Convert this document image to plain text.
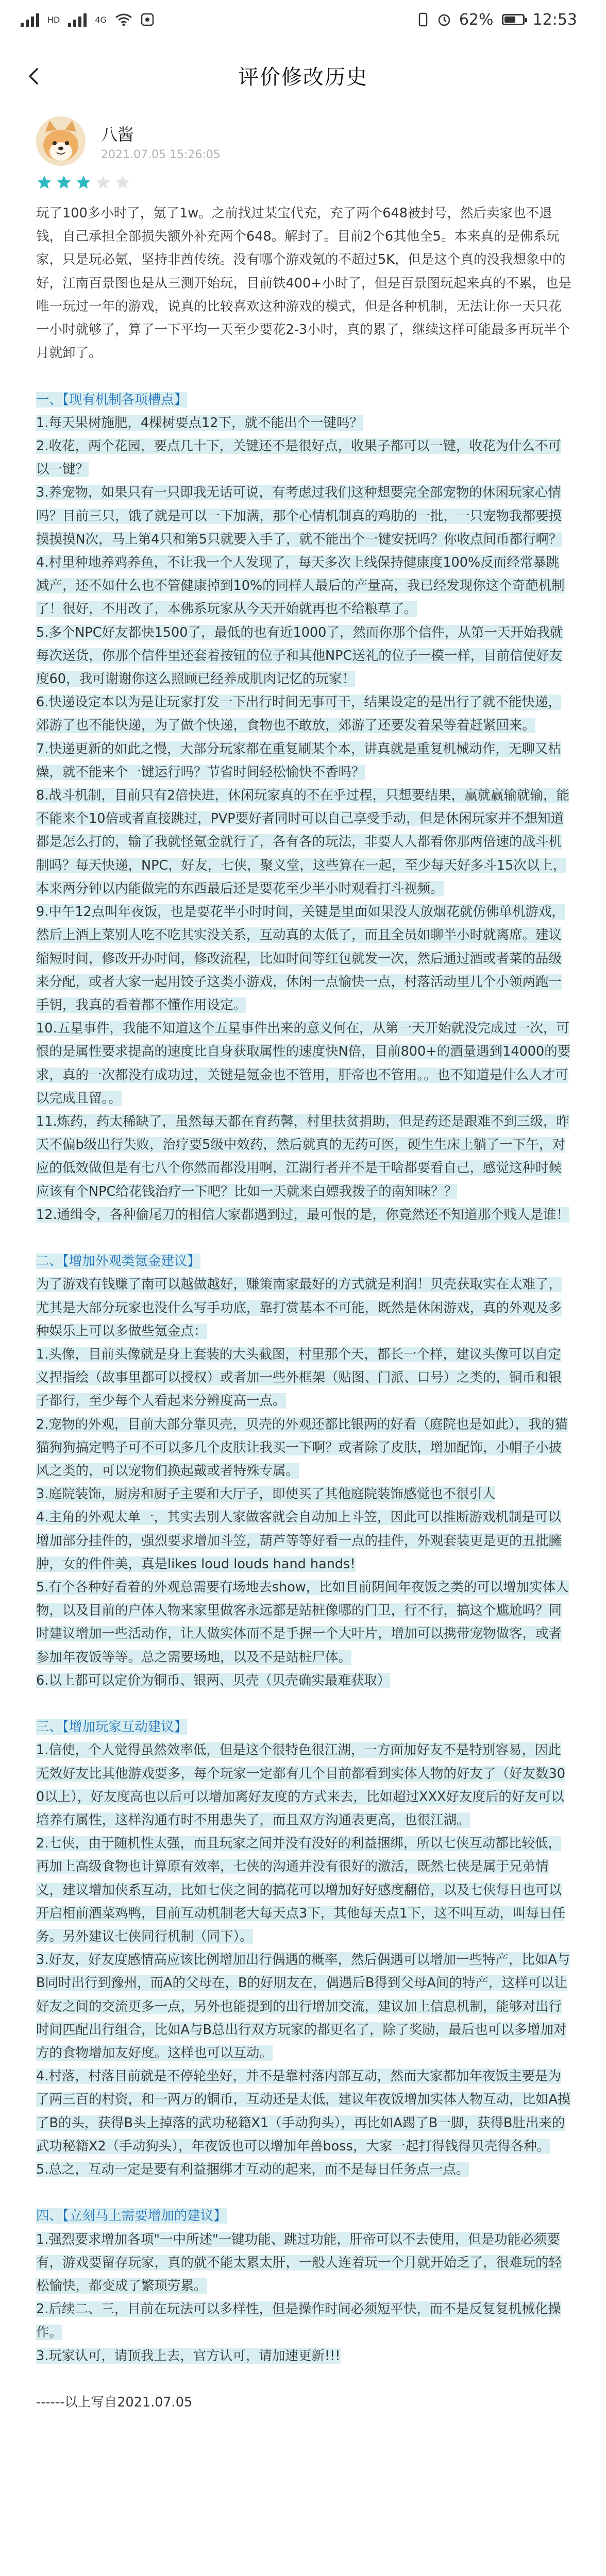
HD	4G	62%	12:53
评价修改历史
八酱
2021.07.05 15:26:05
玩了100多小时了，氪了1w。之前找过某宝代充，充了两个648被封号，然后卖家也不退钱，自己承担全部损失额外补充两个648。解封了。目前2个6其他全5。本来真的是佛系玩家，只是玩必氪，坚持非酋传统。没有哪个游戏氪的不超过5K，但是这个真的没我想象中的好，江南百景图也是从三测开始玩，目前铁400+小时了，但是百景图玩起来真的不累，也是唯一玩过一年的游戏，说真的比较喜欢这种游戏的模式，但是各种机制，无法让你一天只花一小时就够了，算了一下平均一天至少要花2-3小时，真的累了，继续这样可能最多再玩半个月就卸了。

一、【现有机制各项槽点】
1.每天果树施肥，4棵树要点12下，就不能出个一键吗？
2.收花，两个花园，要点几十下，关键还不是很好点，收果子都可以一键，收花为什么不可以一键？
3.养宠物，如果只有一只即我无话可说，有考虑过我们这种想要完全部宠物的休闲玩家心情吗？目前三只，饿了就是可以一下加满，那个心情机制真的鸡肋的一批，一只宠物我都要摸摸摸摸N次，马上第4只和第5只就要入手了，就不能出个一键安抚吗？你收点间币都行啊？
4.村里种地养鸡养鱼，不让我一个人发现了，每天多次上线保持健康度100%反而经常暴跳减产，还不如什么也不管健康掉到10%的同样人最后的产量高，我已经发现你这个奇葩机制了！很好，不用改了，本佛系玩家从今天开始就再也不给粮草了。
5.多个NPC好友都快1500了，最低的也有近1000了，然而你那个信件，从第一天开始我就每次送货，你那个信件里还套着按钮的位子和其他NPC送礼的位子一模一样，目前信使好友度60，我可谢谢你这么照顾已经养成肌肉记忆的玩家！
6.快递设定本以为是让玩家打发一下出行时间无事可干，结果设定的是出行了就不能快递，郊游了也不能快递，为了做个快递，食物也不敢放，郊游了还要发着呆等着赶紧回来。
7.快递更新的如此之慢，大部分玩家都在重复刷某个本，讲真就是重复机械动作，无聊又枯燥，就不能来个一键运行吗？节省时间轻松愉快不香吗？
8.战斗机制，目前只有2倍快进，休闲玩家真的不在乎过程，只想要结果，赢就赢输就输，能不能来个10倍或者直接跳过，PVP要好者同时可以自己享受手动，但是休闲玩家并不想知道都是怎么打的，输了我就怪氪金就行了，各有各的玩法，非要人人都看你那两倍速的战斗机制吗？每天快递，NPC，好友，七侠，聚义堂，这些算在一起，至少每天好多斗15次以上，本来两分钟以内能做完的东西最后还是要花至少半小时观看打斗视频。
9.中午12点叫年夜饭，也是要花半小时时间，关键是里面如果没人放烟花就仿佛单机游戏，然后上酒上菜别人吃不吃其实没关系，互动真的太低了，而且全员如聊半小时就离席。建议缩短时间，修改开办时间，修改流程，比如时间等红包就发一次，然后通过酒或者菜的品级来分配，或者大家一起用饺子这类小游戏，休闲一点愉快一点，村落活动里几个小领两跑一手钥，我真的看着都不懂作用设定。
10.五星事件，我能不知道这个五星事件出来的意义何在，从第一天开始就没完成过一次，可恨的是属性要求提高的速度比自身获取属性的速度快N倍，目前800+的酒量遇到14000的要求，真的一次都没有成功过，关键是氪金也不管用，肝帝也不管用。。也不知道是什么人才可以完成且留。。
11.炼药，药太稀缺了，虽然每天都在育药馨，村里扶贫捐助，但是药还是跟难不到三级，昨天不偏b级出行失败，治疗要5级中效药，然后就真的无药可医，硬生生床上躺了一下午，对应的低效做但是有七八个你然而都没用啊，江湖行者并不是干啥都要看自己，感觉这种时候应该有个NPC给花钱治疗一下吧？比如一天就来白嫖我拨子的南知味？？
12.通缉令，各种偷尾刀的相信大家都遇到过，最可恨的是，你竟然还不知道那个贱人是谁！

二、【增加外观类氪金建议】
为了游戏有钱赚了南可以越做越好，赚策南家最好的方式就是利润！贝壳获取实在太难了，尤其是大部分玩家也没什么写手功底，靠打赏基本不可能，既然是休闲游戏，真的外观及多种娱乐上可以多做些氪金点：
1.头像，目前头像就是身上套装的大头截图，村里那个天，都长一个样，建议头像可以自定义捏指绘（故事里都可以授权）或者加一些外框架（贴图、门派、口号）之类的，铜币和银子都行，至少每个人看起来分辨度高一点。
2.宠物的外观，目前大部分靠贝壳，贝壳的外观还都比银两的好看（庭院也是如此），我的猫猫狗狗搞定鸭子可不可以多几个皮肤让我买一下啊？或者除了皮肤，增加配饰，小帽子小披风之类的，可以宠物们换起戴或者特殊专属。
3.庭院装饰，厨房和厨子主要和大厅子，即使买了其他庭院装饰感觉也不很引人
4.主角的外观太单一，其实去别人家做客就会自动加上斗笠，因此可以推断游戏机制是可以增加部分挂件的，强烈要求增加斗笠，葫芦等等好看一点的挂件，外观套装更是更的丑批臃肿，女的件件美，真是likes loud louds hand hands!
5.有个各种好看着的外观总需要有场地去show，比如目前阴间年夜饭之类的可以增加实体人物，以及目前的户体人物来家里做客永远都是站桩像哪的门卫，行不行，搞这个尴尬吗？同时建议增加一些活动作，让人做实体而不是手握一个大叶片，增加可以携带宠物做客，或者参加年夜饭等等。总之需要场地，以及不是站桩尸体。
6.以上都可以定价为铜币、银两、贝壳（贝壳确实最难获取）

三、【增加玩家互动建议】
1.信使，个人觉得虽然效率低，但是这个很特色很江湖，一方面加好友不是特别容易，因此无效好友比其他游戏要多，每个玩家一定都有几个目前都看到实体人物的好友了（好友数300以上），好友度高也以后可以增加离好友度的方式来去，比如超过XXX好友度后的好友可以培养有属性，这样沟通有时不用患失了，而且双方沟通表更高，也很江湖。
2.七侠，由于随机性太强，而且玩家之间并没有没好的利益捆绑，所以七侠互动都比较低，再加上高级食物也计算原有效率，七侠的沟通并没有很好的激活，既然七侠是属于兄弟情义，建议增加侠系互动，比如七侠之间的搞花可以增加好好感度翻倍，以及七侠每日也可以开启相前酒菜鸡鸭，目前互动机制老大每天点3下，其他每天点1下，这不叫互动，叫每日任务。另外建议七侠同行机制（同下）。
3.好友，好友度感情高应该比例增加出行偶遇的概率，然后偶遇可以增加一些特产，比如A与B同时出行到豫州，而A的父母在，B的好朋友在，偶遇后B得到父母A间的特产，这样可以让好友之间的交流更多一点，另外也能提到的出行增加交流，建议加上信息机制，能够对出行时间匹配出行组合，比如A与B总出行双方玩家的都更名了，除了奖励，最后也可以多增加对方的食物增加友好度。这样也可以互动。
4.村落，村落目前就是不停轮坐好，并不是靠村落内部互动，然而大家都加年夜饭主要是为了两三百的村资，和一两万的铜币，互动还是太低，建议年夜饭增加实体人物互动，比如A摸了B的头，获得B头上掉落的武功秘籍X1（手动狗头），再比如A踢了B一脚，获得B肚出来的武功秘籍X2（手动狗头），年夜饭也可以增加年兽boss，大家一起打得钱得贝壳得各种。
5.总之，互动一定是要有利益捆绑才互动的起来，而不是每日任务点一点。

四、【立刻马上需要增加的建议】
1.强烈要求增加各项"一中所述"一键功能、跳过功能，肝帝可以不去使用，但是功能必须要有，游戏要留存玩家，真的就不能太累太肝，一般人连着玩一个月就开始乏了，很难玩的轻松愉快，都变成了繁琐劳累。
2.后续二、三，目前在玩法可以多样性，但是操作时间必须短平快，而不是反复复机械化操作。
3.玩家认可，请顶我上去，官方认可，请加速更新!!!

------以上写自2021.07.05
